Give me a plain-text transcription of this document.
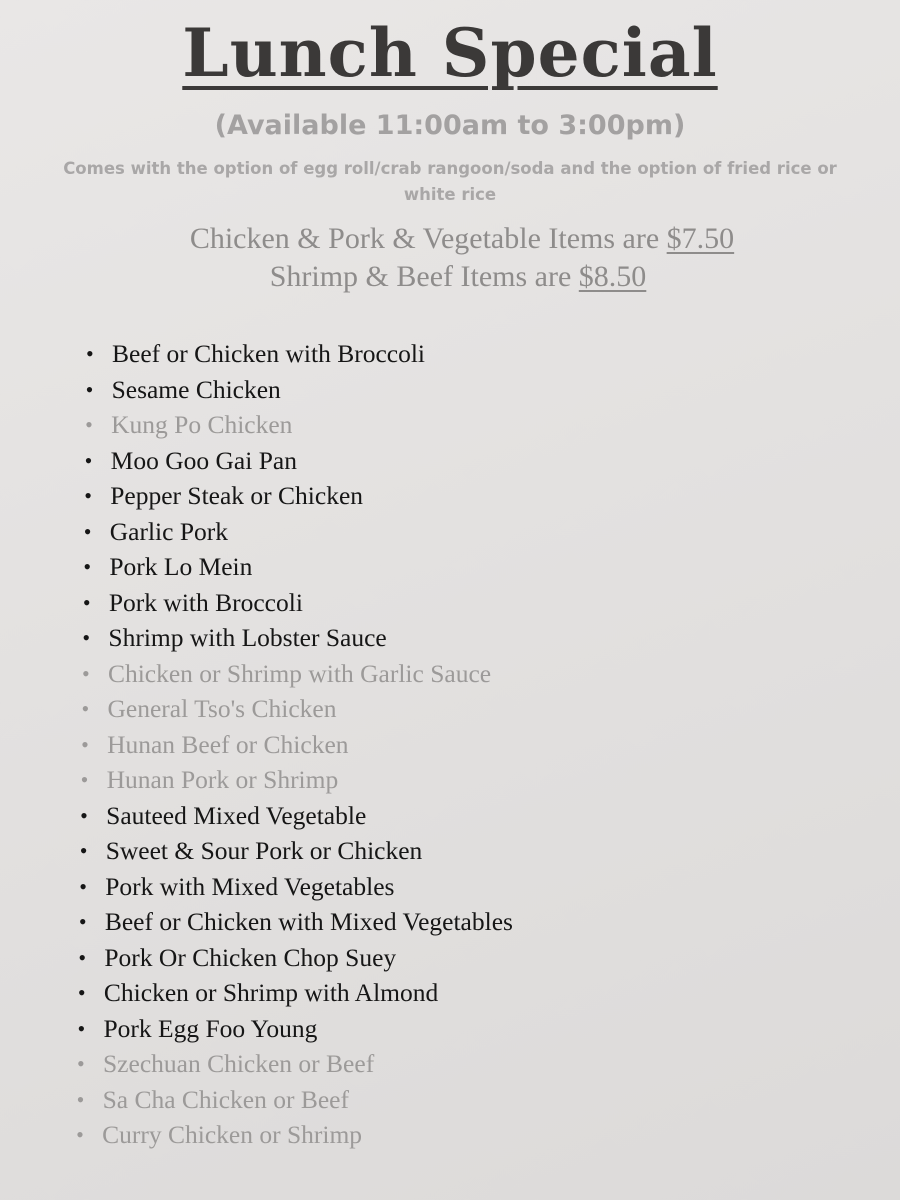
Lunch Special
(Available 11:00am to 3:00pm)
Comes with the option of egg roll/crab rangoon/soda and the option of fried rice or white rice
Chicken & Pork & Vegetable Items are $7.50
Shrimp & Beef Items are $8.50
• Beef or Chicken with Broccoli
• Sesame Chicken
• Kung Po Chicken
• Moo Goo Gai Pan
• Pepper Steak or Chicken
• Garlic Pork
• Pork Lo Mein
• Pork with Broccoli
• Shrimp with Lobster Sauce
• Chicken or Shrimp with Garlic Sauce
• General Tso's Chicken
• Hunan Beef or Chicken
• Hunan Pork or Shrimp
• Sauteed Mixed Vegetable
• Sweet & Sour Pork or Chicken
• Pork with Mixed Vegetables
• Beef or Chicken with Mixed Vegetables
• Pork Or Chicken Chop Suey
• Chicken or Shrimp with Almond
• Pork Egg Foo Young
• Szechuan Chicken or Beef
• Sa Cha Chicken or Beef
• Curry Chicken or Shrimp
